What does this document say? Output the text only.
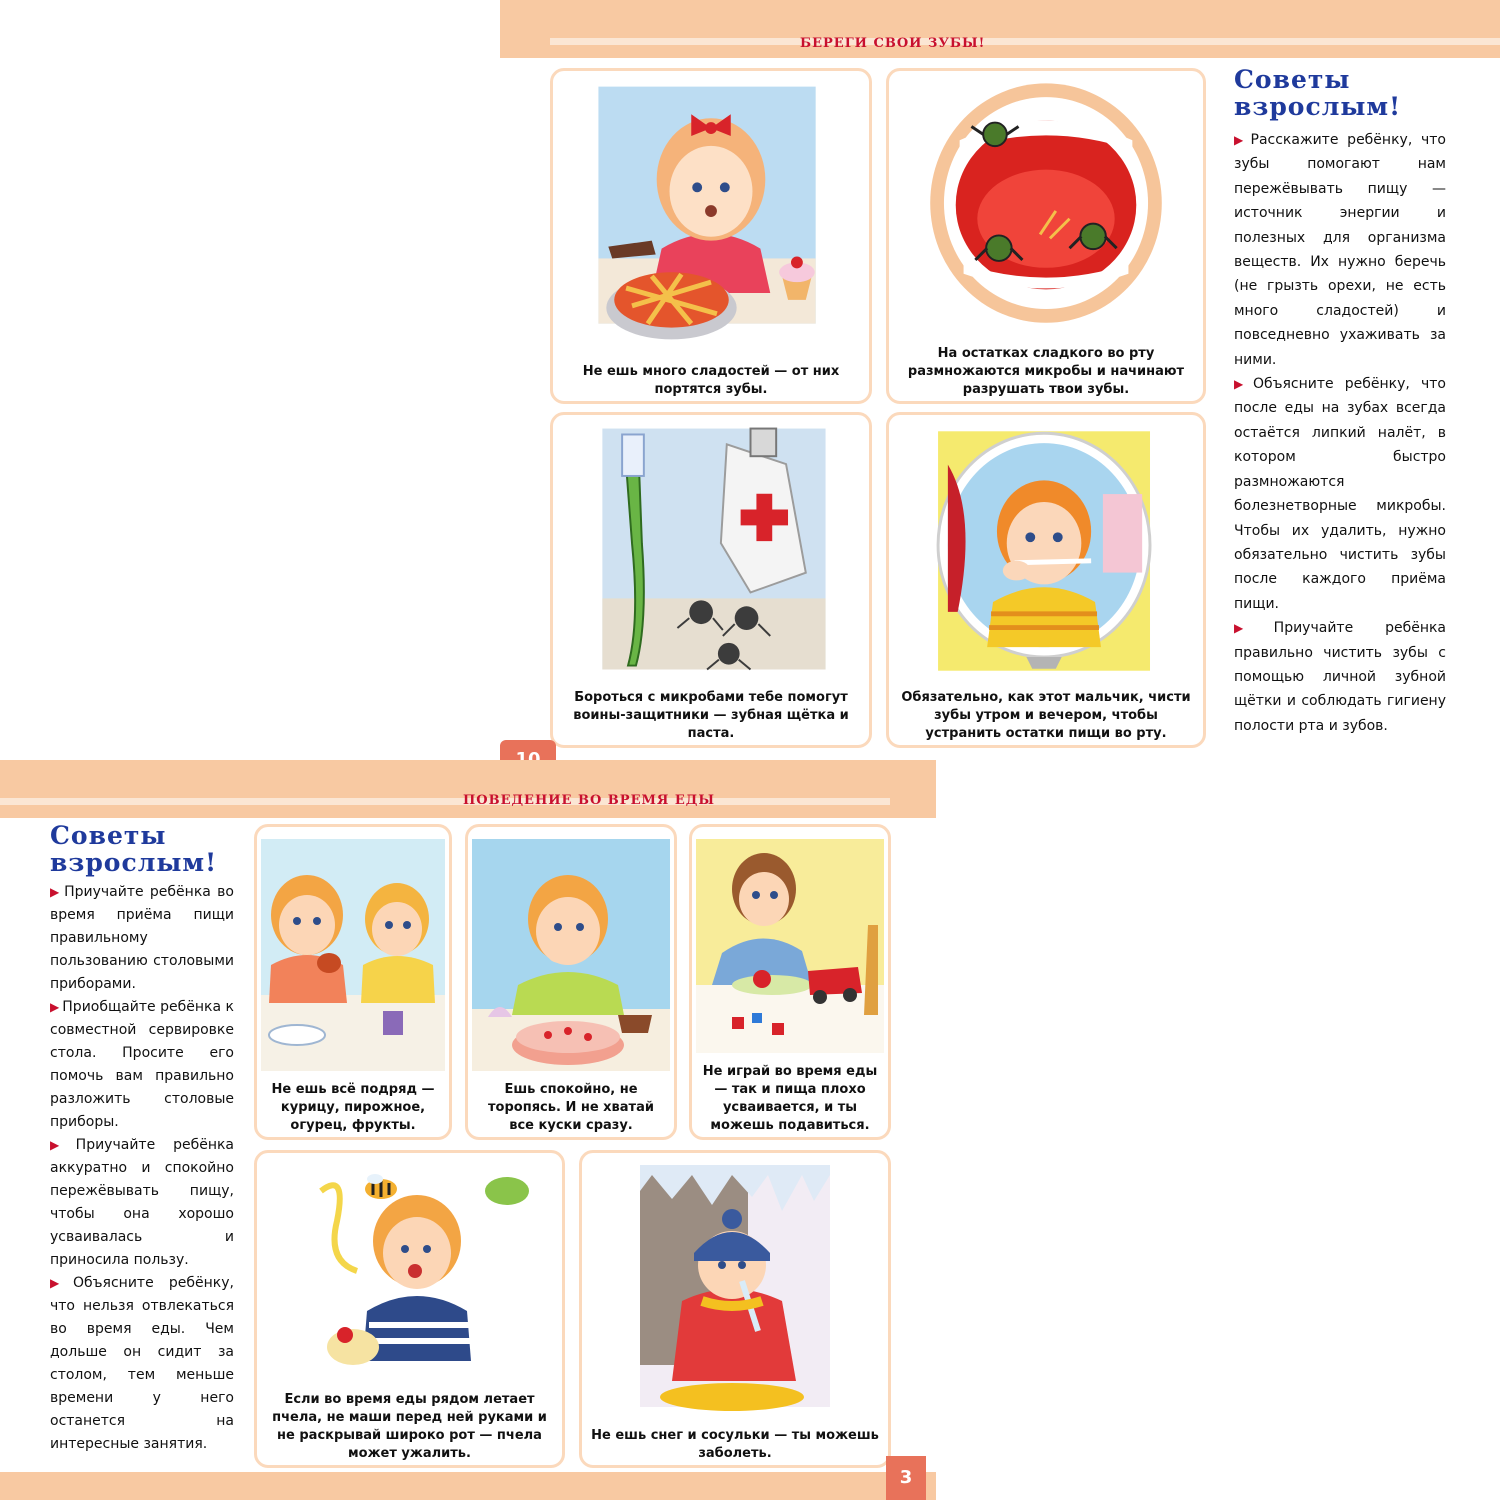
БЕРЕГИ СВОИ ЗУБЫ!
Не ешь много сладостей — от них портятся зубы.
На остатках сладкого во рту размножаются микробы и начинают разрушать твои зубы.
Бороться с микробами тебе помогут воины-защитники — зубная щётка и паста.
Обязательно, как этот мальчик, чисти зубы утром и вечером, чтобы устранить остатки пищи во рту.
Советы взрослым!

▶ Расскажите ребёнку, что зубы помогают нам пережёвывать пищу — источник энергии и полезных для организма веществ. Их нужно беречь (не грызть орехи, не есть много сладостей) и повседневно ухаживать за ними.

▶ Объясните ребёнку, что после еды на зубах всегда остаётся липкий налёт, в котором быстро размножаются болезнетворные микробы. Чтобы их удалить, нужно обязательно чистить зубы после каждого приёма пищи.

▶ Приучайте ребёнка правильно чистить зубы с помощью личной зубной щётки и соблюдать гигиену полости рта и зубов.

ПОВЕДЕНИЕ ВО ВРЕМЯ ЕДЫ
Советы взрослым!

▶ Приучайте ребёнка во время приёма пищи правильному пользованию столовыми приборами.

▶ Приобщайте ребёнка к совместной сервировке стола. Просите его помочь вам правильно разложить столовые приборы.

▶ Приучайте ребёнка аккуратно и спокойно пережёвывать пищу, чтобы она хорошо усваивалась и приносила пользу.

▶ Объясните ребёнку, что нельзя отвлекаться во время еды. Чем дольше он сидит за столом, тем меньше времени у него останется на интересные занятия.

Не ешь всё подряд — курицу, пирожное, огурец, фрукты.
Ешь спокойно, не торопясь. И не хватай все куски сразу.
Не играй во время еды — так и пища плохо усваивается, и ты можешь подавиться.
Если во время еды рядом летает пчела, не маши перед ней руками и не раскрывай широко рот — пчела может ужалить.
Не ешь снег и сосульки — ты можешь заболеть.
3
